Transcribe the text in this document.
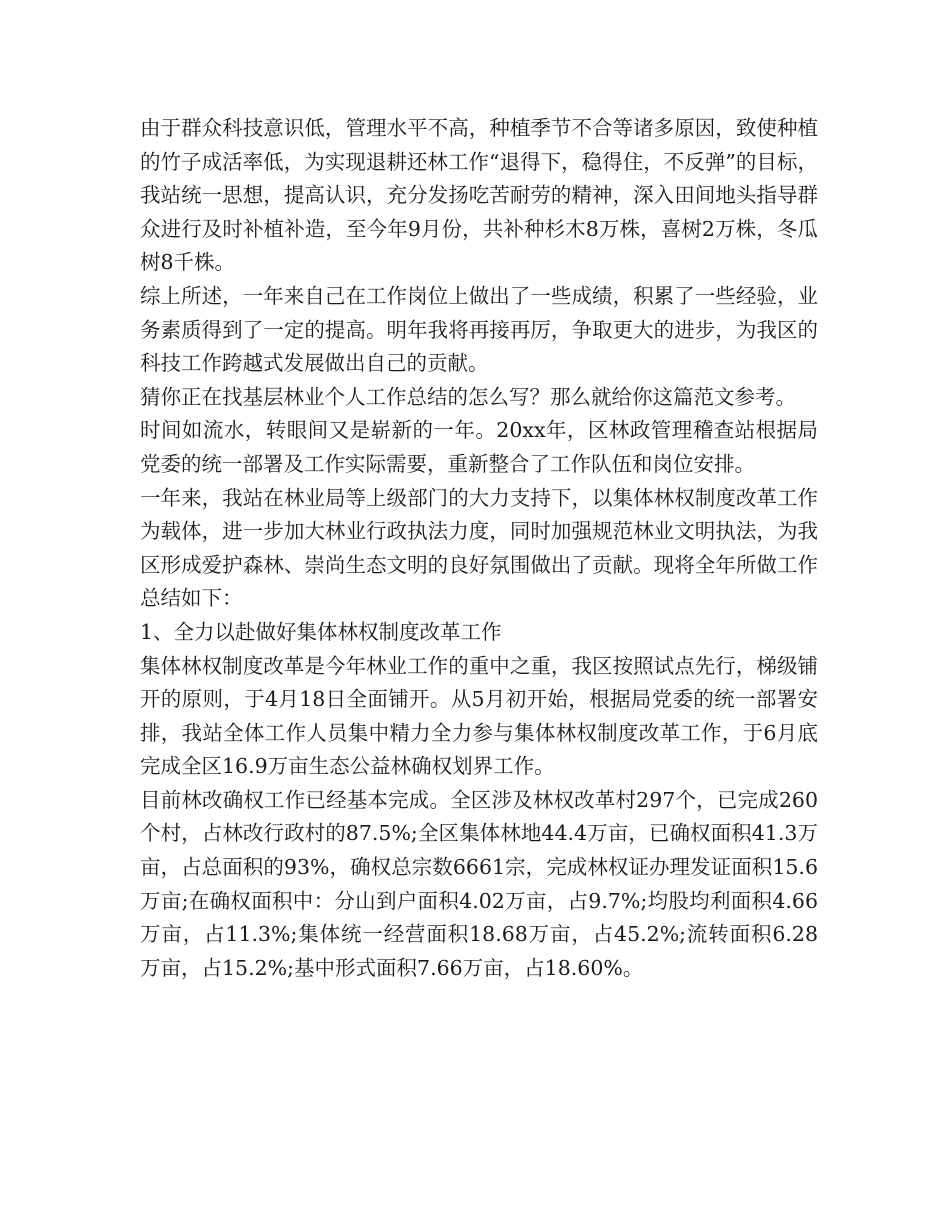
由于群众科技意识低，管理水平不高，种植季节不合等诸多原因，致使种植的竹子成活率低，为实现退耕还林工作“退得下，稳得住，不反弹”的目标，我站统一思想，提高认识，充分发扬吃苦耐劳的精神，深入田间地头指导群众进行及时补植补造，至今年9月份，共补种杉木8万株，喜树2万株，冬瓜树8千株。

综上所述，一年来自己在工作岗位上做出了一些成绩，积累了一些经验，业务素质得到了一定的提高。明年我将再接再厉，争取更大的进步，为我区的科技工作跨越式发展做出自己的贡献。

猜你正在找基层林业个人工作总结的怎么写？那么就给你这篇范文参考。

时间如流水，转眼间又是崭新的一年。20xx年，区林政管理稽查站根据局党委的统一部署及工作实际需要，重新整合了工作队伍和岗位安排。

一年来，我站在林业局等上级部门的大力支持下，以集体林权制度改革工作为载体，进一步加大林业行政执法力度，同时加强规范林业文明执法，为我区形成爱护森林、崇尚生态文明的良好氛围做出了贡献。现将全年所做工作总结如下：

1、全力以赴做好集体林权制度改革工作

集体林权制度改革是今年林业工作的重中之重，我区按照试点先行，梯级铺开的原则，于4月18日全面铺开。从5月初开始，根据局党委的统一部署安排，我站全体工作人员集中精力全力参与集体林权制度改革工作，于6月底完成全区16.9万亩生态公益林确权划界工作。

目前林改确权工作已经基本完成。全区涉及林权改革村297个，已完成260个村，占林改行政村的87.5%;全区集体林地44.4万亩，已确权面积41.3万亩，占总面积的93%，确权总宗数6661宗，完成林权证办理发证面积15.6万亩;在确权面积中：分山到户面积4.02万亩，占9.7%;均股均利面积4.66万亩，占11.3%;集体统一经营面积18.68万亩，占45.2%;流转面积6.28万亩，占15.2%;基中形式面积7.66万亩，占18.60%。
